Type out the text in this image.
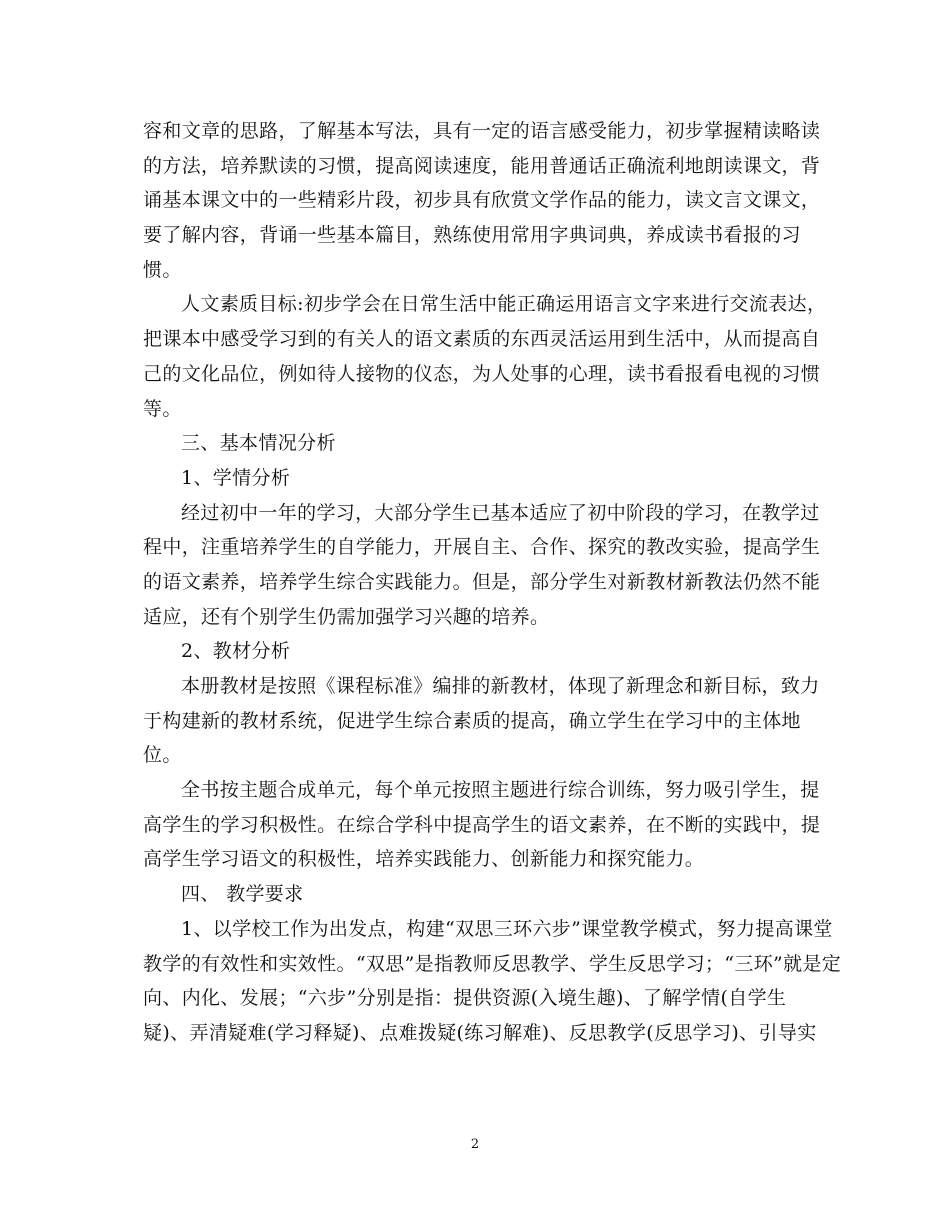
容和文章的思路，了解基本写法，具有一定的语言感受能力，初步掌握精读略读
的方法，培养默读的习惯，提高阅读速度，能用普通话正确流利地朗读课文，背
诵基本课文中的一些精彩片段，初步具有欣赏文学作品的能力，读文言文课文，
要了解内容，背诵一些基本篇目，熟练使用常用字典词典，养成读书看报的习
惯。

人文素质目标:初步学会在日常生活中能正确运用语言文字来进行交流表达，
把课本中感受学习到的有关人的语文素质的东西灵活运用到生活中，从而提高自
己的文化品位，例如待人接物的仪态，为人处事的心理，读书看报看电视的习惯
等。

三、基本情况分析

1、学情分析

经过初中一年的学习，大部分学生已基本适应了初中阶段的学习，在教学过
程中，注重培养学生的自学能力，开展自主、合作、探究的教改实验，提高学生
的语文素养，培养学生综合实践能力。但是，部分学生对新教材新教法仍然不能
适应，还有个别学生仍需加强学习兴趣的培养。

2、教材分析

本册教材是按照《课程标准》编排的新教材，体现了新理念和新目标，致力
于构建新的教材系统，促进学生综合素质的提高，确立学生在学习中的主体地
位。

全书按主题合成单元，每个单元按照主题进行综合训练，努力吸引学生，提
高学生的学习积极性。在综合学科中提高学生的语文素养，在不断的实践中，提
高学生学习语文的积极性，培养实践能力、创新能力和探究能力。

四、 教学要求

1、以学校工作为出发点，构建“双思三环六步”课堂教学模式，努力提高课堂
教学的有效性和实效性。“双思”是指教师反思教学、学生反思学习；“三环”就是定
向、内化、发展；“六步”分别是指：提供资源(入境生趣)、了解学情(自学生
疑)、弄清疑难(学习释疑)、点难拨疑(练习解难)、反思教学(反思学习)、引导实

2
